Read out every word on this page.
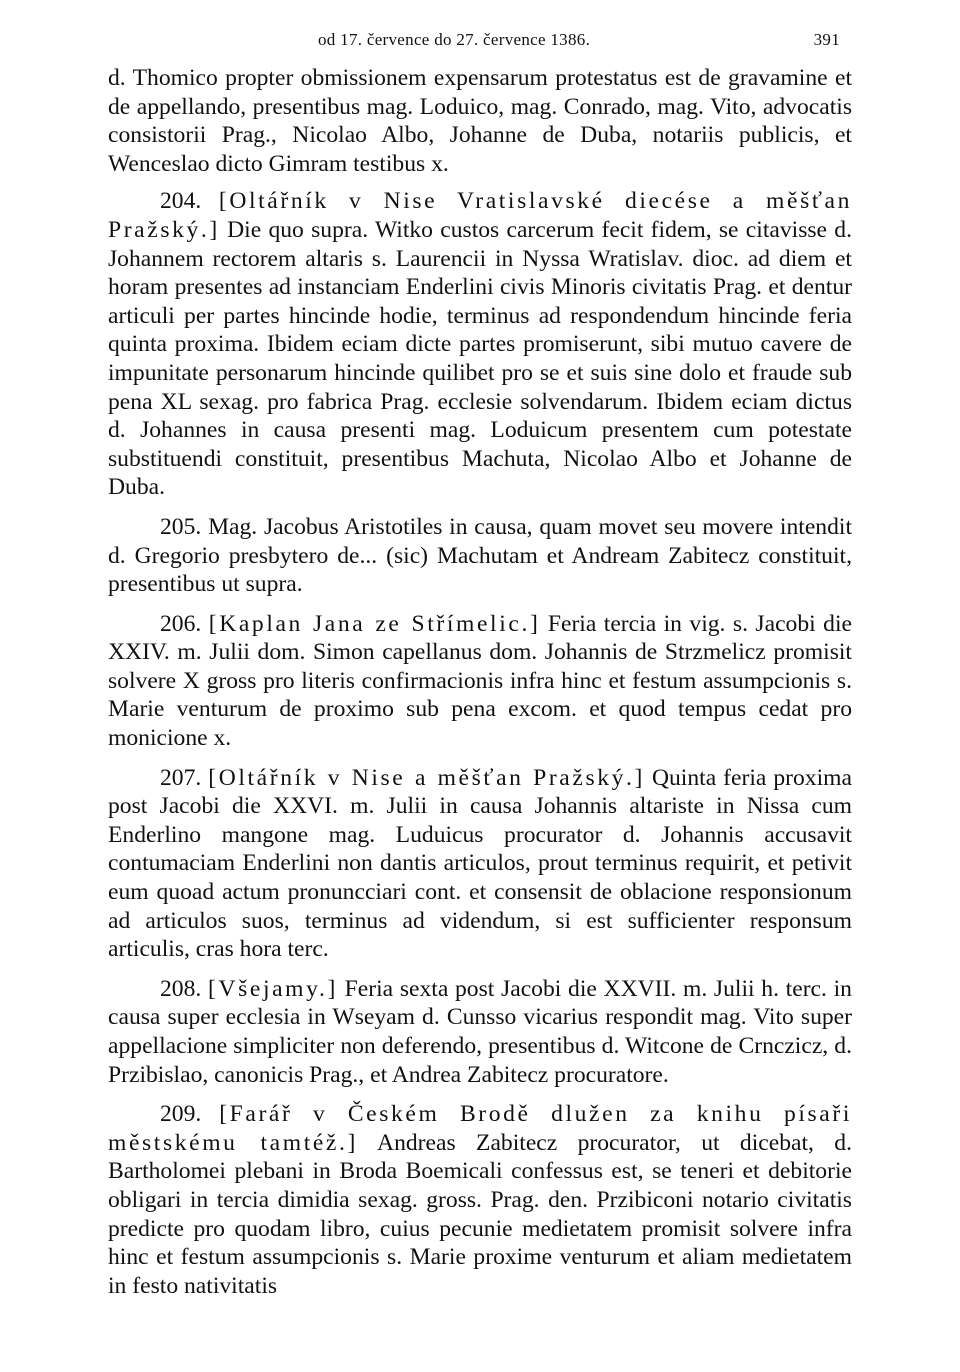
od 17. července do 27. července 1386.	391

d. Thomico propter obmissionem expensarum protestatus est de gravamine et de appellando, presentibus mag. Loduico, mag. Conrado, mag. Vito, advocatis consistorii Prag., Nicolao Albo, Johanne de Duba, notariis publicis, et Wenceslao dicto Gimram testibus x.

204. [Oltářník v Nise Vratislavské diecése a měšťan Pražský.] Die quo supra. Witko custos carcerum fecit fidem, se citavisse d. Johannem rectorem altaris s. Laurencii in Nyssa Wratislav. dioc. ad diem et horam presentes ad instanciam Enderlini civis Minoris civitatis Prag. et dentur articuli per partes hincinde hodie, terminus ad respondendum hincinde feria quinta proxima. Ibidem eciam dicte partes promiserunt, sibi mutuo cavere de impunitate personarum hincinde quilibet pro se et suis sine dolo et fraude sub pena XL sexag. pro fabrica Prag. ecclesie solvendarum. Ibidem eciam dictus d. Johannes in causa presenti mag. Loduicum presentem cum potestate substituendi constituit, presentibus Machuta, Nicolao Albo et Johanne de Duba.

205. Mag. Jacobus Aristotiles in causa, quam movet seu movere intendit d. Gregorio presbytero de... (sic) Machutam et Andream Zabitecz constituit, presentibus ut supra.

206. [Kaplan Jana ze Střímelic.] Feria tercia in vig. s. Jacobi die XXIV. m. Julii dom. Simon capellanus dom. Johannis de Strzmelicz promisit solvere X gross pro literis confirmacionis infra hinc et festum assumpcionis s. Marie venturum de proximo sub pena excom. et quod tempus cedat pro monicione x.

207. [Oltářník v Nise a měšťan Pražský.] Quinta feria proxima post Jacobi die XXVI. m. Julii in causa Johannis altariste in Nissa cum Enderlino mangone mag. Luduicus procurator d. Johannis accusavit contumaciam Enderlini non dantis articulos, prout terminus requirit, et petivit eum quoad actum pronuncciari cont. et consensit de oblacione responsionum ad articulos suos, terminus ad videndum, si est sufficienter responsum articulis, cras hora terc.

208. [Všejamy.] Feria sexta post Jacobi die XXVII. m. Julii h. terc. in causa super ecclesia in Wseyam d. Cunsso vicarius respondit mag. Vito super appellacione simpliciter non deferendo, presentibus d. Witcone de Crnczicz, d. Przibislao, canonicis Prag., et Andrea Zabitecz procuratore.

209. [Farář v Českém Brodě dlužen za knihu písaři městskému tamtéž.] Andreas Zabitecz procurator, ut dicebat, d. Bartholomei plebani in Broda Boemicali confessus est, se teneri et debitorie obligari in tercia dimidia sexag. gross. Prag. den. Przibiconi notario civitatis predicte pro quodam libro, cuius pecunie medietatem promisit solvere infra hinc et festum assumpcionis s. Marie proxime venturum et aliam medietatem in festo nativitatis
